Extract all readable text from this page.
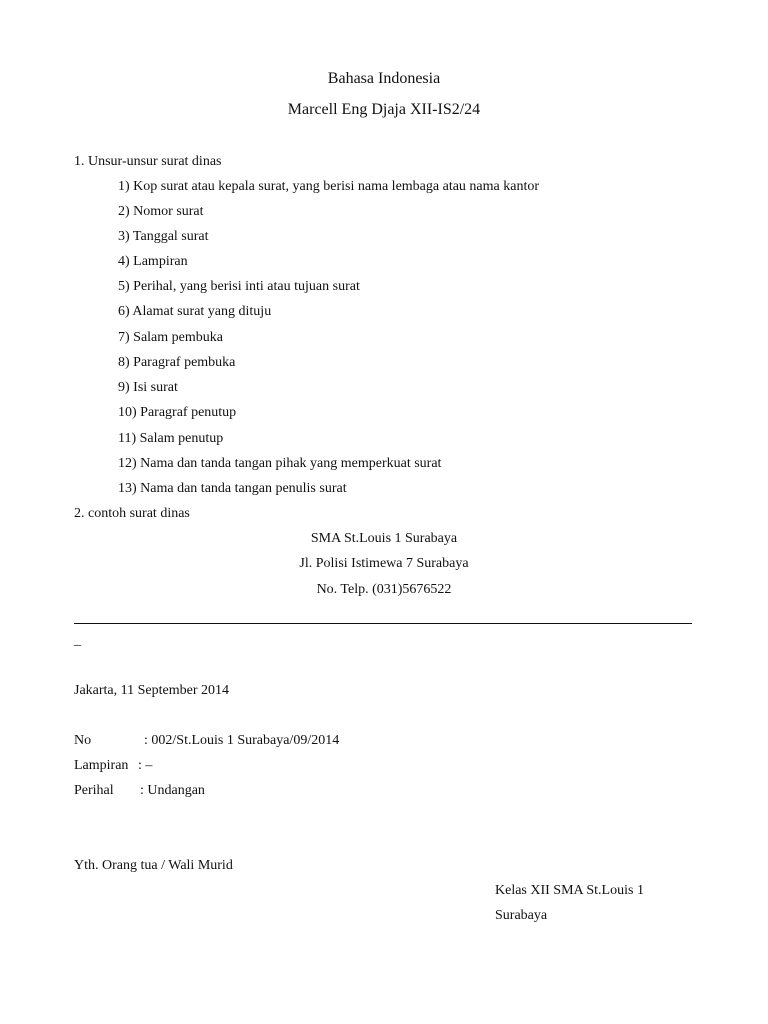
Bahasa Indonesia
Marcell Eng Djaja XII-IS2/24
1. Unsur-unsur surat dinas
1) Kop surat atau kepala surat, yang berisi nama lembaga atau nama kantor
2) Nomor surat
3) Tanggal surat
4) Lampiran
5) Perihal, yang berisi inti atau tujuan surat
6) Alamat surat yang dituju
7) Salam pembuka
8) Paragraf pembuka
9) Isi surat
10) Paragraf penutup
11) Salam penutup
12) Nama dan tanda tangan pihak yang memperkuat surat
13) Nama dan tanda tangan penulis surat
2. contoh surat dinas
SMA St.Louis 1 Surabaya
Jl. Polisi Istimewa 7 Surabaya
No. Telp. (031)5676522
_
Jakarta, 11 September 2014
No	: 002/St.Louis 1 Surabaya/09/2014
Lampiran : –
Perihal : Undangan
Yth. Orang tua / Wali Murid
Kelas XII SMA St.Louis 1
Surabaya
